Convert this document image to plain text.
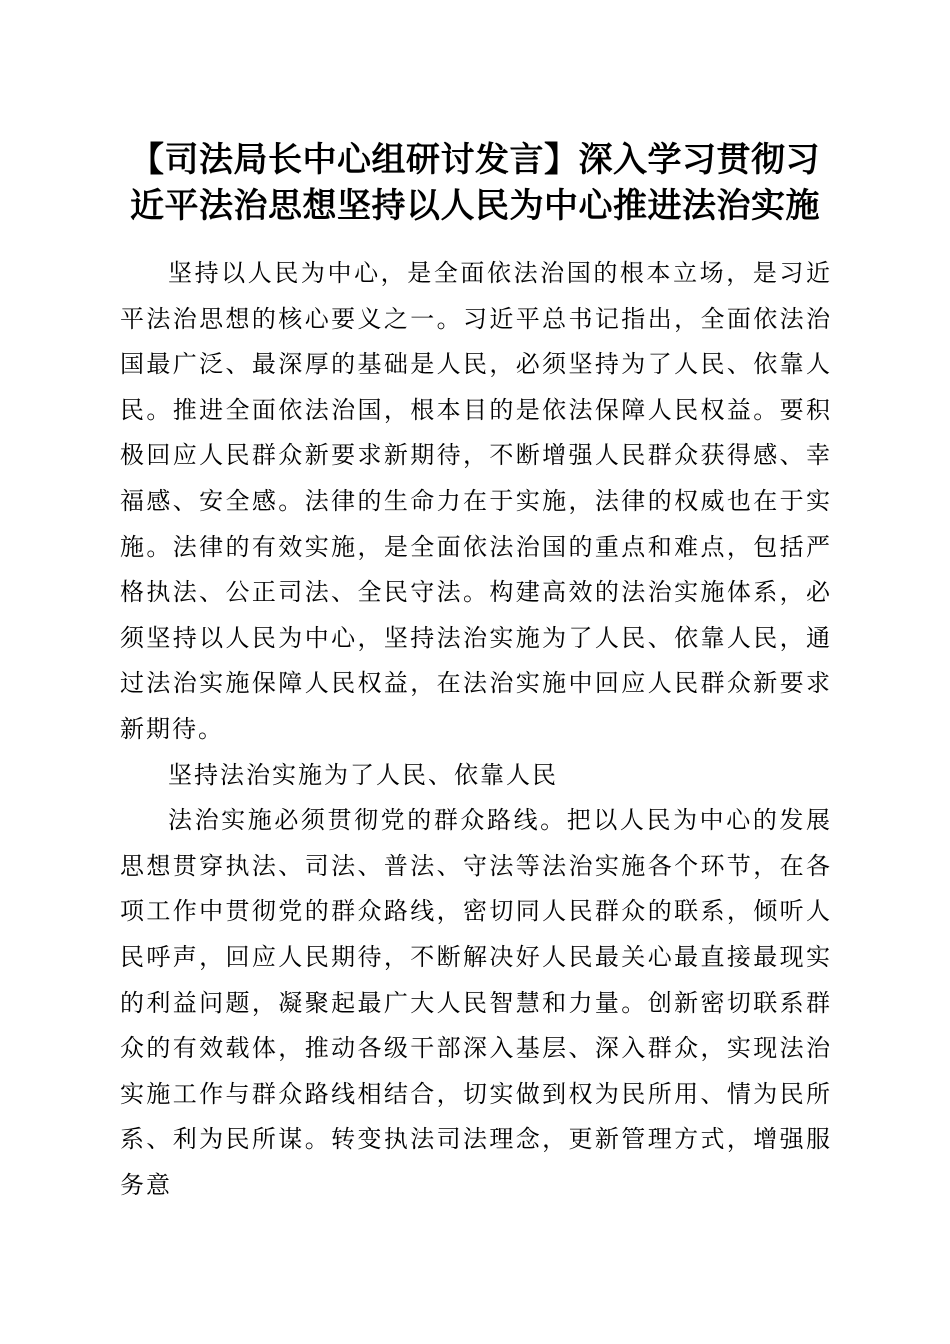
【司法局长中心组研讨发言】深入学习贯彻习
近平法治思想坚持以人民为中心推进法治实施

坚持以人民为中心，是全面依法治国的根本立场，是习近平法治思想的核心要义之一。习近平总书记指出，全面依法治国最广泛、最深厚的基础是人民，必须坚持为了人民、依靠人民。推进全面依法治国，根本目的是依法保障人民权益。要积极回应人民群众新要求新期待，不断增强人民群众获得感、幸福感、安全感。法律的生命力在于实施，法律的权威也在于实施。法律的有效实施，是全面依法治国的重点和难点，包括严格执法、公正司法、全民守法。构建高效的法治实施体系，必须坚持以人民为中心，坚持法治实施为了人民、依靠人民，通过法治实施保障人民权益，在法治实施中回应人民群众新要求新期待。

坚持法治实施为了人民、依靠人民

法治实施必须贯彻党的群众路线。把以人民为中心的发展思想贯穿执法、司法、普法、守法等法治实施各个环节，在各项工作中贯彻党的群众路线，密切同人民群众的联系，倾听人民呼声，回应人民期待，不断解决好人民最关心最直接最现实的利益问题，凝聚起最广大人民智慧和力量。创新密切联系群众的有效载体，推动各级干部深入基层、深入群众，实现法治实施工作与群众路线相结合，切实做到权为民所用、情为民所系、利为民所谋。转变执法司法理念，更新管理方式，增强服务意
